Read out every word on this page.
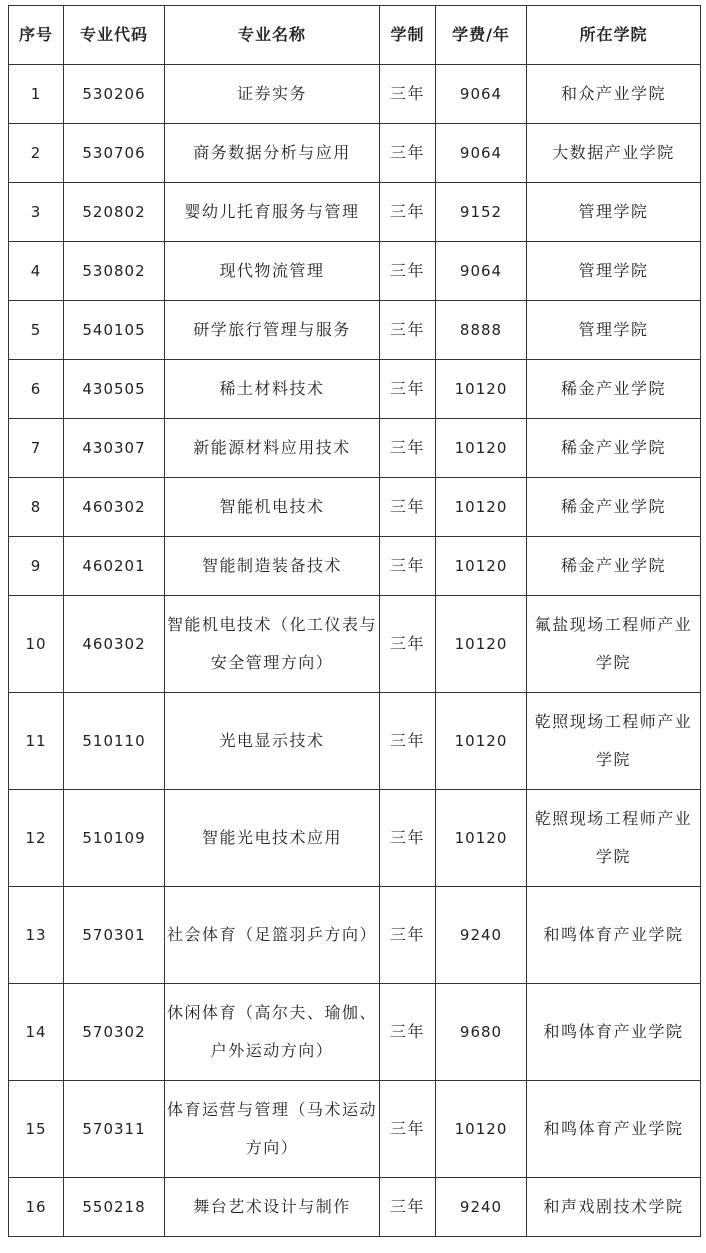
序号	专业代码	专业名称	学制	学费/年	所在学院
1	530206	证券实务	三年	9064	和众产业学院
2	530706	商务数据分析与应用	三年	9064	大数据产业学院
3	520802	婴幼儿托育服务与管理	三年	9152	管理学院
4	530802	现代物流管理	三年	9064	管理学院
5	540105	研学旅行管理与服务	三年	8888	管理学院
6	430505	稀土材料技术	三年	10120	稀金产业学院
7	430307	新能源材料应用技术	三年	10120	稀金产业学院
8	460302	智能机电技术	三年	10120	稀金产业学院
9	460201	智能制造装备技术	三年	10120	稀金产业学院
10	460302	智能机电技术（化工仪表与安全管理方向）	三年	10120	氟盐现场工程师产业学院
11	510110	光电显示技术	三年	10120	乾照现场工程师产业学院
12	510109	智能光电技术应用	三年	10120	乾照现场工程师产业学院
13	570301	社会体育（足篮羽乒方向）	三年	9240	和鸣体育产业学院
14	570302	休闲体育（高尔夫、瑜伽、户外运动方向）	三年	9680	和鸣体育产业学院
15	570311	体育运营与管理（马术运动方向）	三年	10120	和鸣体育产业学院
16	550218	舞台艺术设计与制作	三年	9240	和声戏剧技术学院
